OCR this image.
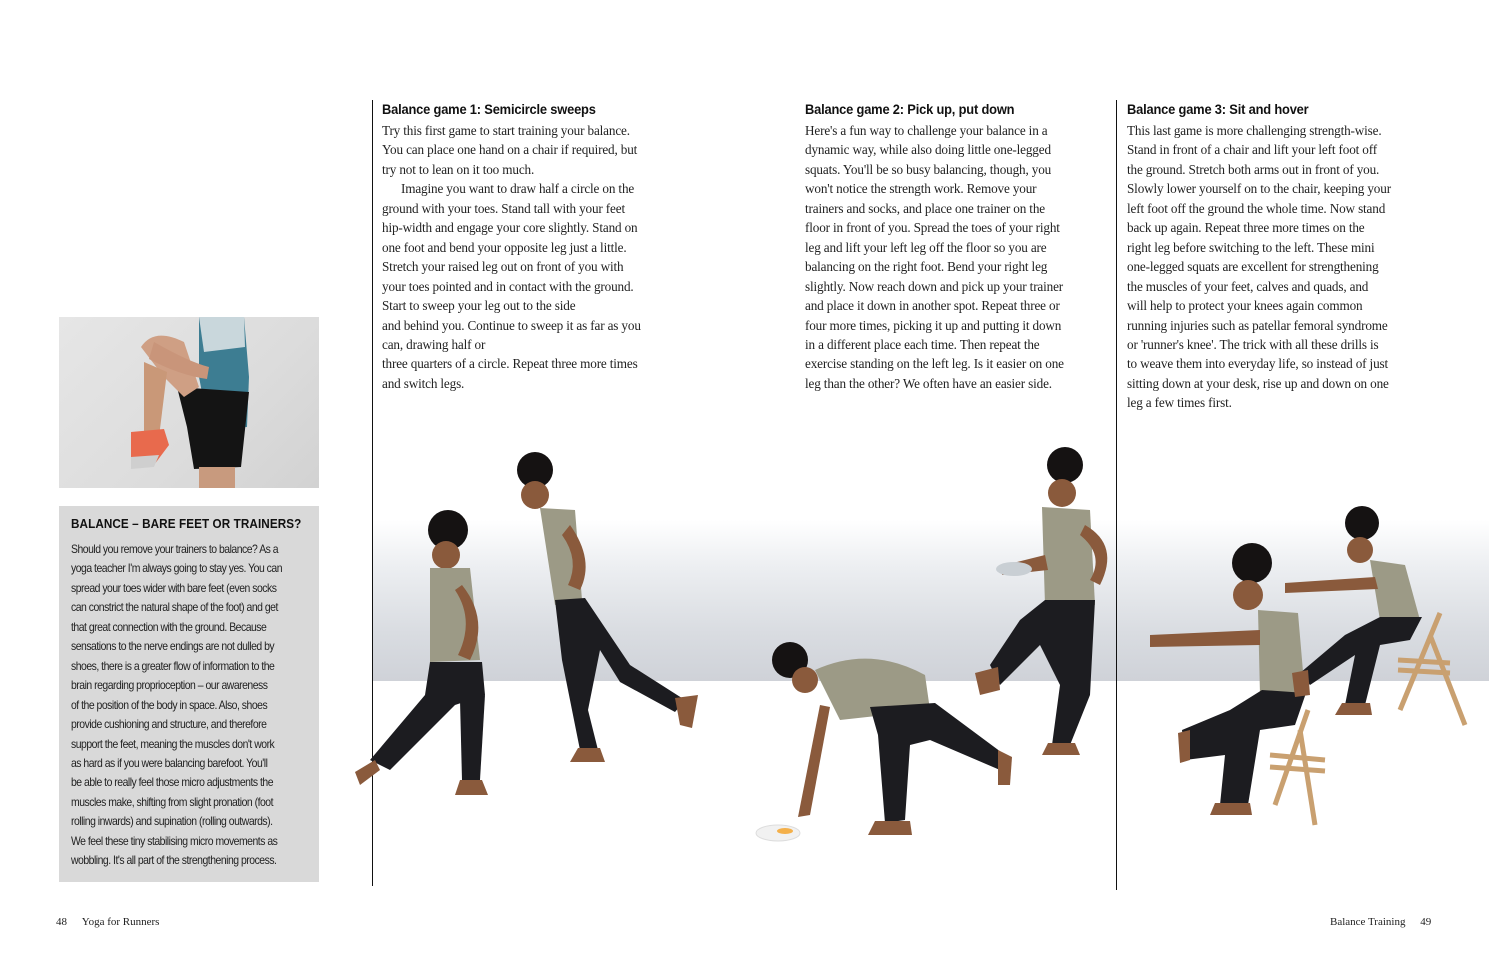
BALANCE – BARE FEET OR TRAINERS?

Should you remove your trainers to balance? As a
yoga teacher I'm always going to stay yes. You can
spread your toes wider with bare feet (even socks
can constrict the natural shape of the foot) and get
that great connection with the ground. Because
sensations to the nerve endings are not dulled by
shoes, there is a greater flow of information to the
brain regarding proprioception – our awareness
of the position of the body in space. Also, shoes
provide cushioning and structure, and therefore
support the feet, meaning the muscles don't work
as hard as if you were balancing barefoot. You'll
be able to really feel those micro adjustments the
muscles make, shifting from slight pronation (foot
rolling inwards) and supination (rolling outwards).
We feel these tiny stabilising micro movements as
wobbling. It's all part of the strengthening process.

Balance game 1: Semicircle sweeps

Try this first game to start training your balance.
You can place one hand on a chair if required, but
try not to lean on it too much.

Imagine you want to draw half a circle on the
ground with your toes. Stand tall with your feet
hip-width and engage your core slightly. Stand on
one foot and bend your opposite leg just a little.
Stretch your raised leg out on front of you with
your toes pointed and in contact with the ground.
Start to sweep your leg out to the side
and behind you. Continue to sweep it as far as you
can, drawing half or
three quarters of a circle. Repeat three more times
and switch legs.

Balance game 2: Pick up, put down

Here's a fun way to challenge your balance in a
dynamic way, while also doing little one-legged
squats. You'll be so busy balancing, though, you
won't notice the strength work. Remove your
trainers and socks, and place one trainer on the
floor in front of you. Spread the toes of your right
leg and lift your left leg off the floor so you are
balancing on the right foot. Bend your right leg
slightly. Now reach down and pick up your trainer
and place it down in another spot. Repeat three or
four more times, picking it up and putting it down
in a different place each time. Then repeat the
exercise standing on the left leg. Is it easier on one
leg than the other? We often have an easier side.

Balance game 3: Sit and hover

This last game is more challenging strength-wise.
Stand in front of a chair and lift your left foot off
the ground. Stretch both arms out in front of you.
Slowly lower yourself on to the chair, keeping your
left foot off the ground the whole time. Now stand
back up again. Repeat three more times on the
right leg before switching to the left. These mini
one-legged squats are excellent for strengthening
the muscles of your feet, calves and quads, and
will help to protect your knees again common
running injuries such as patellar femoral syndrome
or 'runner's knee'. The trick with all these drills is
to weave them into everyday life, so instead of just
sitting down at your desk, rise up and down on one
leg a few times first.

48 Yoga for Runners	Balance Training 49
